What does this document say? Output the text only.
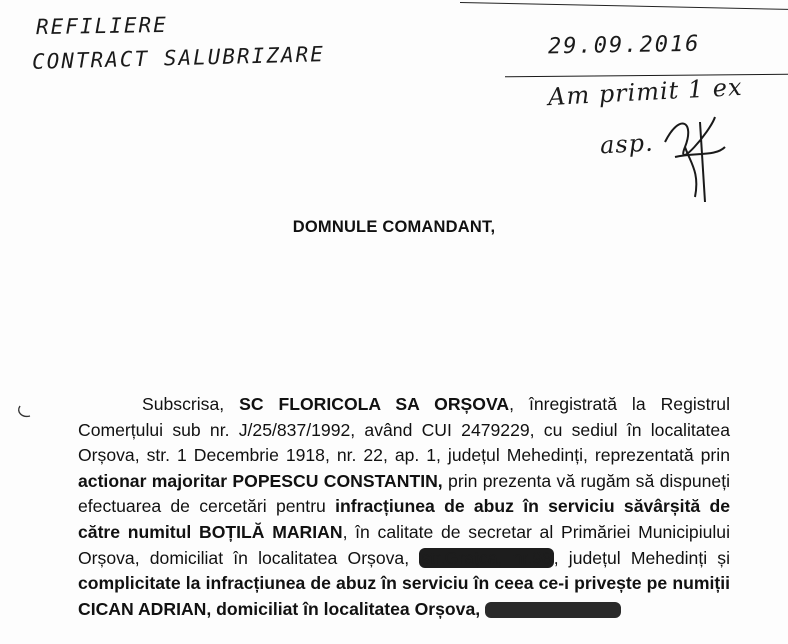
REFILIERE
CONTRACT SALUBRIZARE	29.09.2016
Am primit 1 ex
asp.
DOMNULE COMANDANT,
Subscrisa, SC FLORICOLA SA ORȘOVA, înregistrată la Registrul Comerțului sub nr. J/25/837/1992, având CUI 2479229, cu sediul în localitatea Orșova, str. 1 Decembrie 1918, nr. 22, ap. 1, județul Mehedinți, reprezentată prin actionar majoritar POPESCU CONSTANTIN, prin prezenta vă rugăm să dispuneți efectuarea de cercetări pentru infracțiunea de abuz în serviciu săvârșită de către numitul BOȚILĂ MARIAN, în calitate de secretar al Primăriei Municipiului Orșova, domiciliat în localitatea Orșova, str.Grațca, nr.98 , județul Mehedinți și complicitate la infracțiunea de abuz în serviciu în ceea ce-i privește pe numiții CICAN ADRIAN, domiciliat în localitatea Orșova,
